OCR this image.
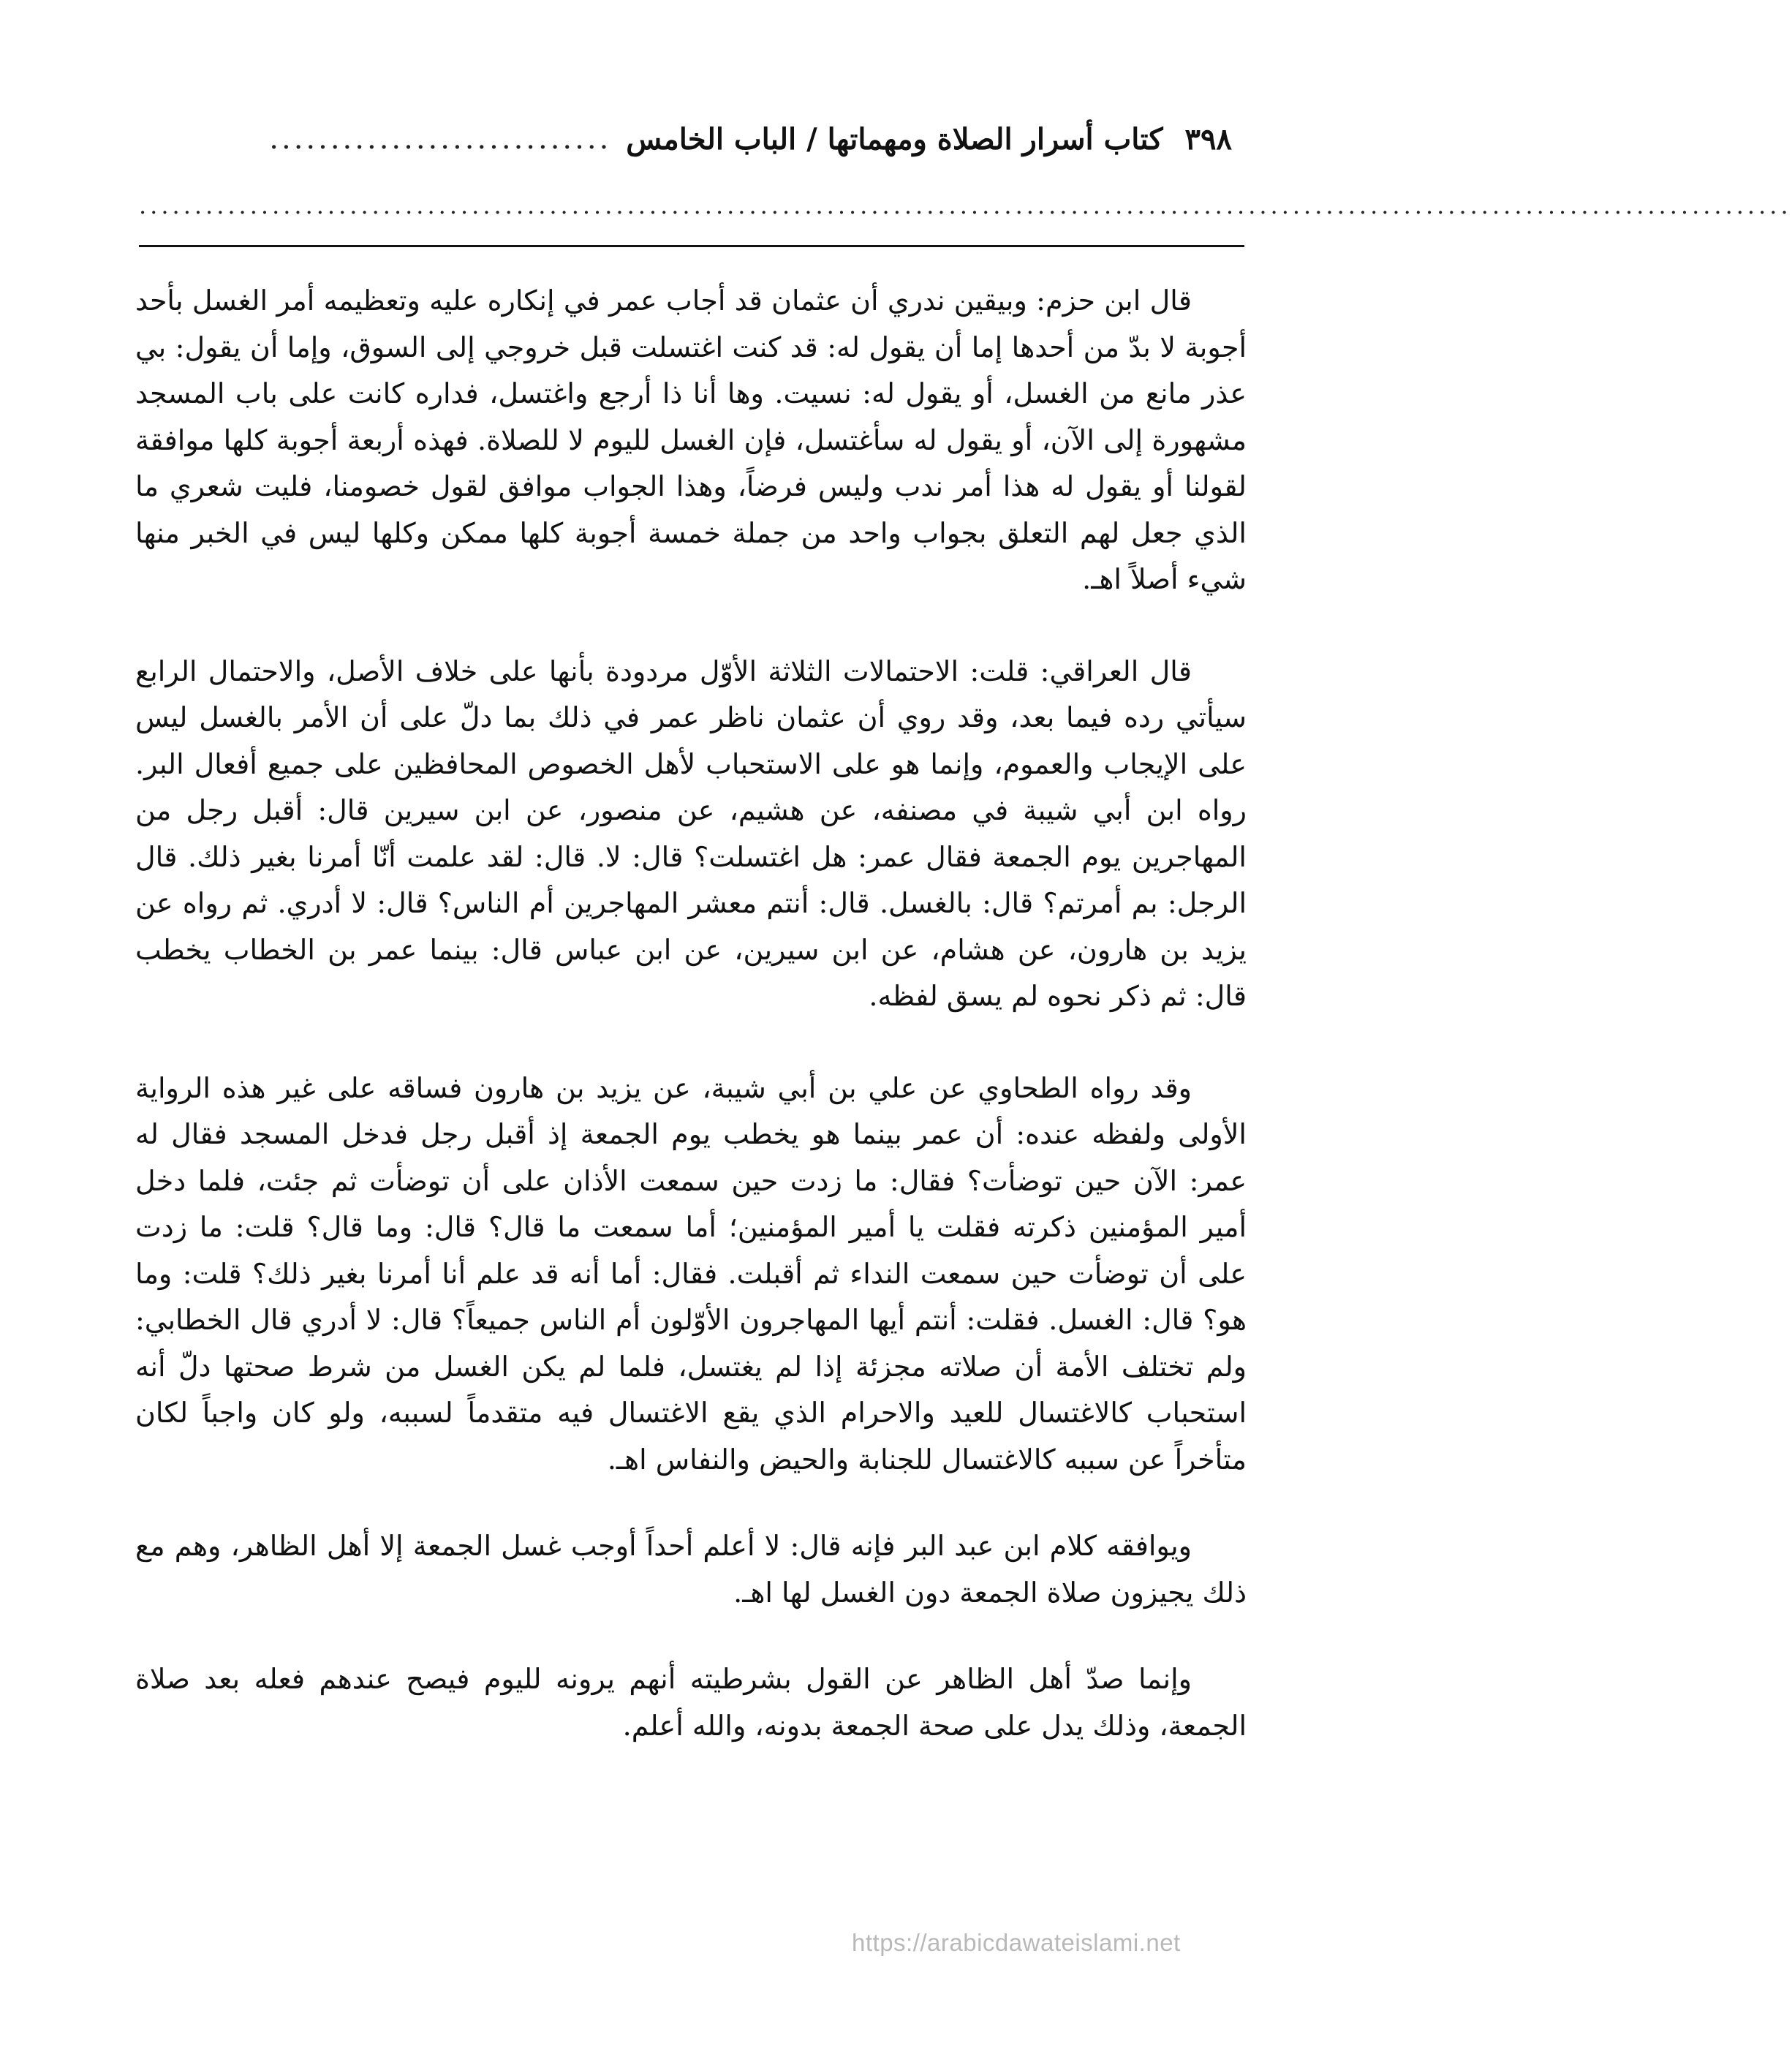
٣٩٨
كتاب أسرار الصلاة ومهماتها / الباب الخامس
............................
.....................................................................................................................................................

قال ابن حزم: وبيقين ندري أن عثمان قد أجاب عمر في إنكاره عليه وتعظيمه أمر الغسل بأحد أجوبة لا بدّ من أحدها إما أن يقول له: قد كنت اغتسلت قبل خروجي إلى السوق، وإما أن يقول: بي عذر مانع من الغسل، أو يقول له: نسيت. وها أنا ذا أرجع واغتسل، فداره كانت على باب المسجد مشهورة إلى الآن، أو يقول له سأغتسل، فإن الغسل لليوم لا للصلاة. فهذه أربعة أجوبة كلها موافقة لقولنا أو يقول له هذا أمر ندب وليس فرضاً، وهذا الجواب موافق لقول خصومنا، فليت شعري ما الذي جعل لهم التعلق بجواب واحد من جملة خمسة أجوبة كلها ممكن وكلها ليس في الخبر منها شيء أصلاً اهـ.

قال العراقي: قلت: الاحتمالات الثلاثة الأوّل مردودة بأنها على خلاف الأصل، والاحتمال الرابع سيأتي رده فيما بعد، وقد روي أن عثمان ناظر عمر في ذلك بما دلّ على أن الأمر بالغسل ليس على الإيجاب والعموم، وإنما هو على الاستحباب لأهل الخصوص المحافظين على جميع أفعال البر. رواه ابن أبي شيبة في مصنفه، عن هشيم، عن منصور، عن ابن سيرين قال: أقبل رجل من المهاجرين يوم الجمعة فقال عمر: هل اغتسلت؟ قال: لا. قال: لقد علمت أنّا أمرنا بغير ذلك. قال الرجل: بم أمرتم؟ قال: بالغسل. قال: أنتم معشر المهاجرين أم الناس؟ قال: لا أدري. ثم رواه عن يزيد بن هارون، عن هشام، عن ابن سيرين، عن ابن عباس قال: بينما عمر بن الخطاب يخطب قال: ثم ذكر نحوه لم يسق لفظه.

وقد رواه الطحاوي عن علي بن أبي شيبة، عن يزيد بن هارون فساقه على غير هذه الرواية الأولى ولفظه عنده: أن عمر بينما هو يخطب يوم الجمعة إذ أقبل رجل فدخل المسجد فقال له عمر: الآن حين توضأت؟ فقال: ما زدت حين سمعت الأذان على أن توضأت ثم جئت، فلما دخل أمير المؤمنين ذكرته فقلت يا أمير المؤمنين؛ أما سمعت ما قال؟ قال: وما قال؟ قلت: ما زدت على أن توضأت حين سمعت النداء ثم أقبلت. فقال: أما أنه قد علم أنا أمرنا بغير ذلك؟ قلت: وما هو؟ قال: الغسل. فقلت: أنتم أيها المهاجرون الأوّلون أم الناس جميعاً؟ قال: لا أدري قال الخطابي: ولم تختلف الأمة أن صلاته مجزئة إذا لم يغتسل، فلما لم يكن الغسل من شرط صحتها دلّ أنه استحباب كالاغتسال للعيد والاحرام الذي يقع الاغتسال فيه متقدماً لسببه، ولو كان واجباً لكان متأخراً عن سببه كالاغتسال للجنابة والحيض والنفاس اهـ.

ويوافقه كلام ابن عبد البر فإنه قال: لا أعلم أحداً أوجب غسل الجمعة إلا أهل الظاهر، وهم مع ذلك يجيزون صلاة الجمعة دون الغسل لها اهـ.

وإنما صدّ أهل الظاهر عن القول بشرطيته أنهم يرونه لليوم فيصح عندهم فعله بعد صلاة الجمعة، وذلك يدل على صحة الجمعة بدونه، والله أعلم.

https://arabicdawateislami.net
